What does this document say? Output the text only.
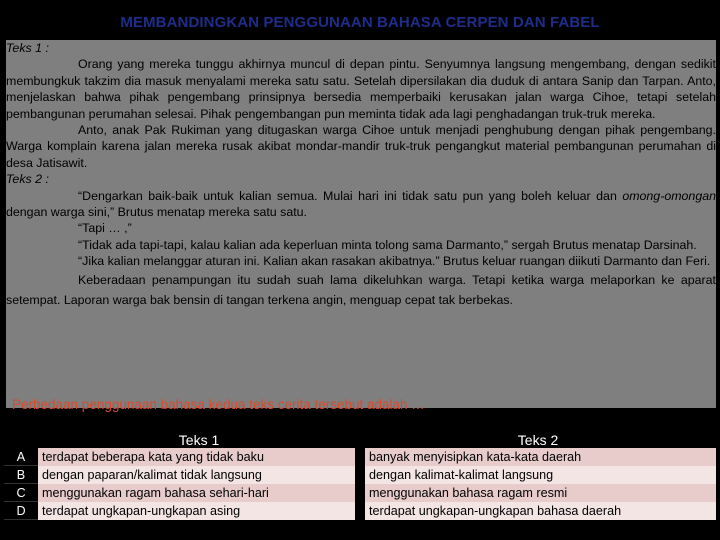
MEMBANDINGKAN PENGGUNAAN BAHASA CERPEN DAN FABEL

Teks 1 :

Orang yang mereka tunggu akhirnya muncul di depan pintu. Senyumnya langsung mengembang, dengan sedikit membungkuk takzim dia masuk menyalami mereka satu satu. Setelah dipersilakan dia duduk di antara Sanip dan Tarpan. Anto, menjelaskan bahwa pihak pengembang prinsipnya bersedia memperbaiki kerusakan jalan warga Cihoe, tetapi setelah pembangunan perumahan selesai. Pihak pengembangan pun meminta tidak ada lagi penghadangan truk-truk mereka.

Anto, anak Pak Rukiman yang ditugaskan warga Cihoe untuk menjadi penghubung dengan pihak pengembang. Warga komplain karena jalan mereka rusak akibat mondar-mandir truk-truk pengangkut material pembangunan perumahan di desa Jatisawit.

Teks 2 :

“Dengarkan baik-baik untuk kalian semua. Mulai hari ini tidak satu pun yang boleh keluar dan omong-omongan dengan warga sini,” Brutus menatap mereka satu satu.

“Tapi … ,”

“Tidak ada tapi-tapi, kalau kalian ada keperluan minta tolong sama Darmanto,” sergah Brutus menatap Darsinah.

“Jika kalian melanggar aturan ini. Kalian akan rasakan akibatnya.” Brutus keluar ruangan diikuti Darmanto dan Feri.

Keberadaan penampungan itu sudah suah lama dikeluhkan warga. Tetapi ketika warga melaporkan ke aparat setempat. Laporan warga bak bensin di tangan terkena angin, menguap cepat tak berbekas.

Perbedaan penggunaan bahasa kedua teks cerita tersebut adalah …
	Teks 1	Teks 2
A	terdapat beberapa kata yang tidak baku	banyak menyisipkan kata-kata daerah
B	dengan paparan/kalimat tidak langsung	dengan kalimat-kalimat langsung
C	menggunakan ragam bahasa sehari-hari	menggunakan bahasa ragam resmi
D	terdapat ungkapan-ungkapan asing	terdapat ungkapan-ungkapan bahasa daerah
